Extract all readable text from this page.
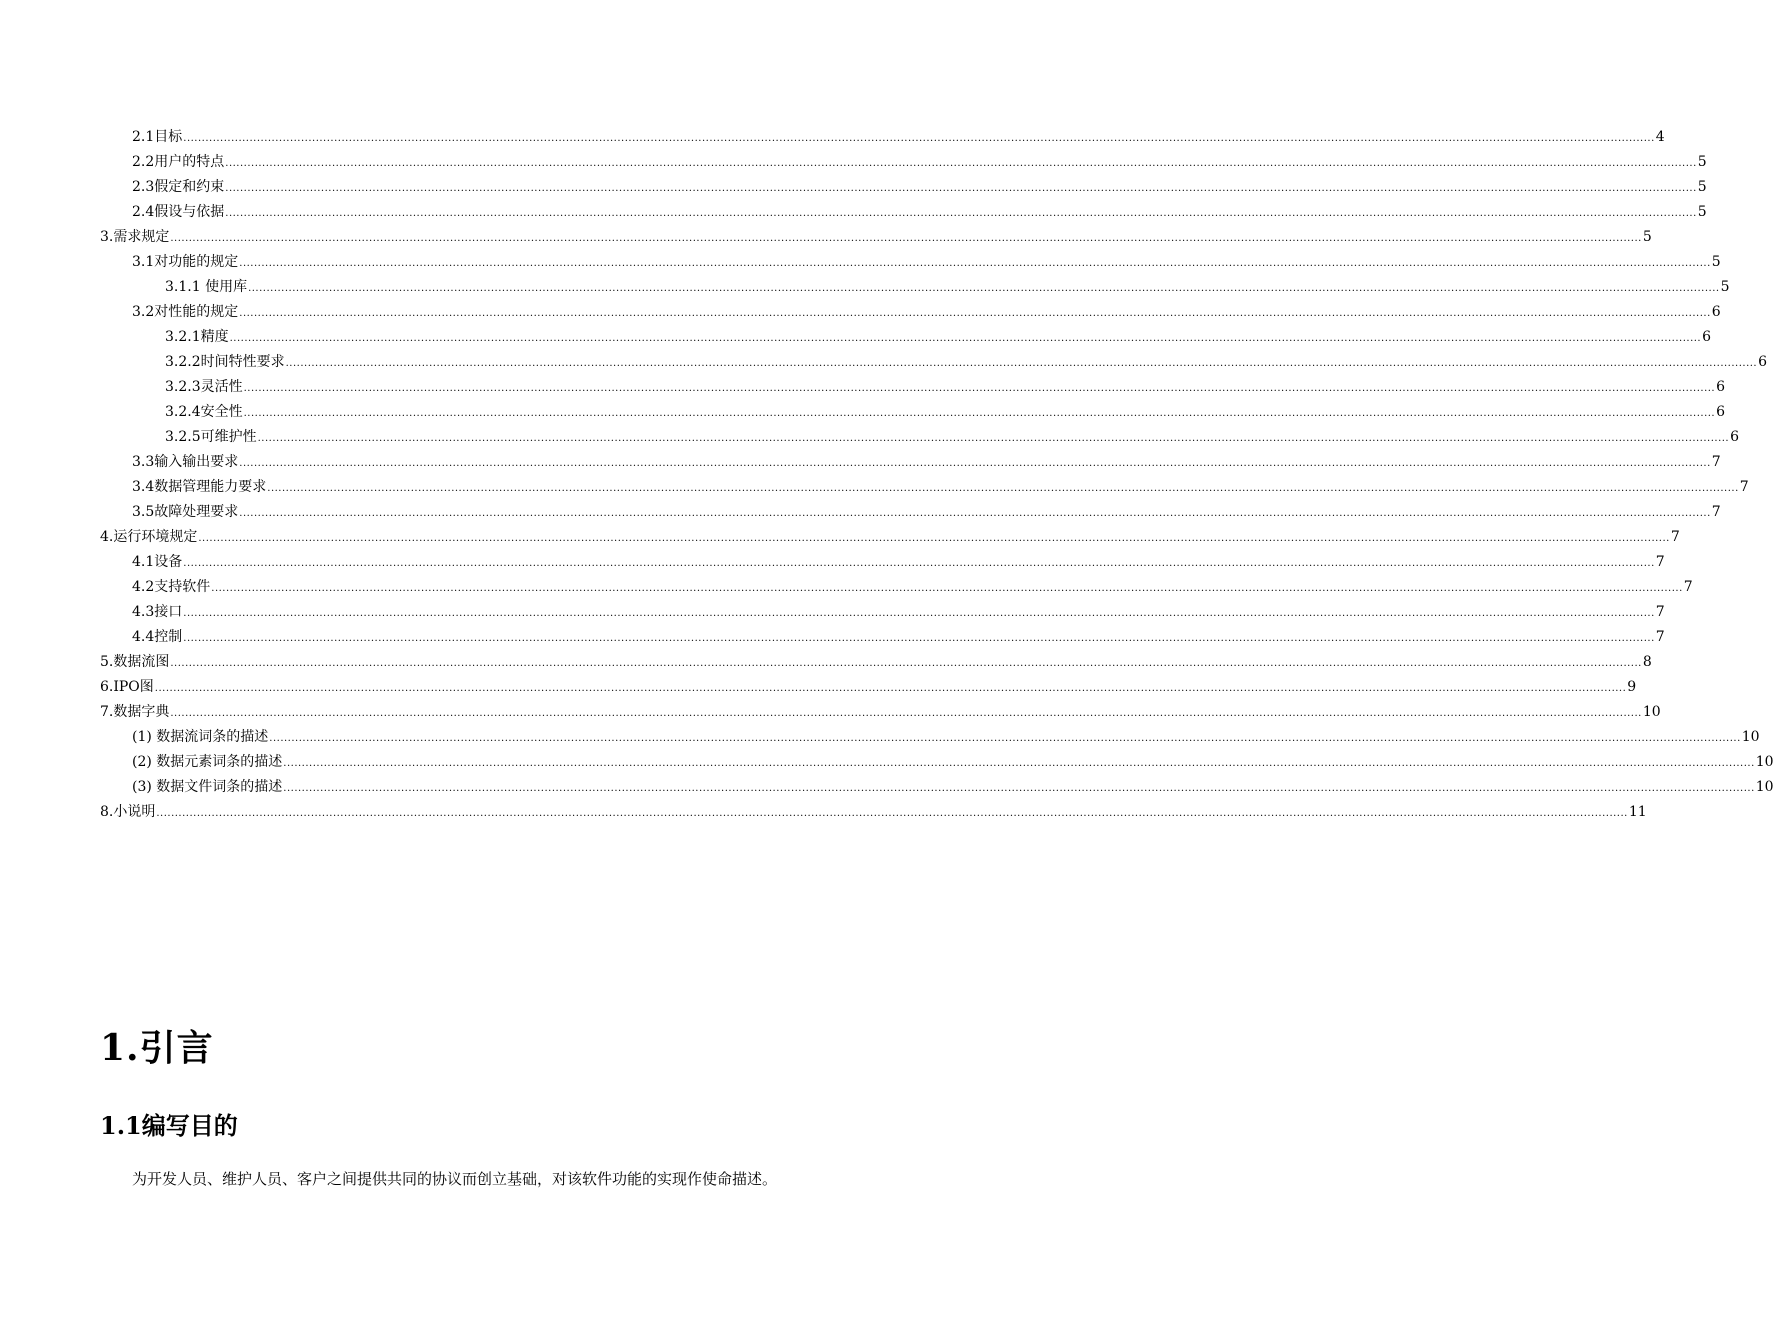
2.1目标 ................................................................................................................................................................................................................................................................................................................................................................................................................ 4
2.2用户的特点 ................................................................................................................................................................................................................................................................................................................................................................................................................ 5
2.3假定和约束 ................................................................................................................................................................................................................................................................................................................................................................................................................ 5
2.4假设与依据 ................................................................................................................................................................................................................................................................................................................................................................................................................ 5
3.需求规定 ................................................................................................................................................................................................................................................................................................................................................................................................................ 5
3.1对功能的规定 ................................................................................................................................................................................................................................................................................................................................................................................................................ 5
3.1.1 使用库 ................................................................................................................................................................................................................................................................................................................................................................................................................ 5
3.2对性能的规定 ................................................................................................................................................................................................................................................................................................................................................................................................................ 6
3.2.1精度 ................................................................................................................................................................................................................................................................................................................................................................................................................ 6
3.2.2时间特性要求 ................................................................................................................................................................................................................................................................................................................................................................................................................ 6
3.2.3灵活性 ................................................................................................................................................................................................................................................................................................................................................................................................................ 6
3.2.4安全性 ................................................................................................................................................................................................................................................................................................................................................................................................................ 6
3.2.5可维护性 ................................................................................................................................................................................................................................................................................................................................................................................................................ 6
3.3输入输出要求 ................................................................................................................................................................................................................................................................................................................................................................................................................ 7
3.4数据管理能力要求 ................................................................................................................................................................................................................................................................................................................................................................................................................ 7
3.5故障处理要求 ................................................................................................................................................................................................................................................................................................................................................................................................................ 7
4.运行环境规定 ................................................................................................................................................................................................................................................................................................................................................................................................................ 7
4.1设备 ................................................................................................................................................................................................................................................................................................................................................................................................................ 7
4.2支持软件 ................................................................................................................................................................................................................................................................................................................................................................................................................ 7
4.3接口 ................................................................................................................................................................................................................................................................................................................................................................................................................ 7
4.4控制 ................................................................................................................................................................................................................................................................................................................................................................................................................ 7
5.数据流图 ................................................................................................................................................................................................................................................................................................................................................................................................................ 8
6.IPO图 ................................................................................................................................................................................................................................................................................................................................................................................................................ 9
7.数据字典 ................................................................................................................................................................................................................................................................................................................................................................................................................ 10
(1) 数据流词条的描述 ................................................................................................................................................................................................................................................................................................................................................................................................................ 10
(2) 数据元素词条的描述 ................................................................................................................................................................................................................................................................................................................................................................................................................ 10
(3) 数据文件词条的描述 ................................................................................................................................................................................................................................................................................................................................................................................................................ 10
8.小说明 ................................................................................................................................................................................................................................................................................................................................................................................................................ 11
1.引言
1.1编写目的
为开发人员、维护人员、客户之间提供共同的协议而创立基础，对该软件功能的实现作使命描述。
